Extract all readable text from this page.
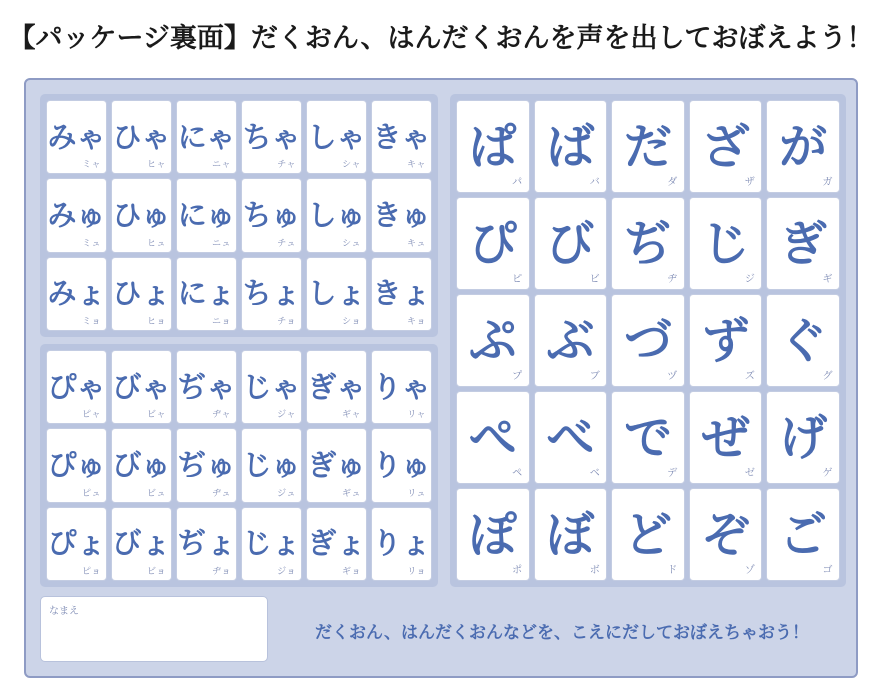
【パッケージ裏面】だくおん、はんだくおんを声を出しておぼえよう！
みゃ
ミャ
ひゃ
ヒャ
にゃ
ニャ
ちゃ
チャ
しゃ
シャ
きゃ
キャ
みゅ
ミュ
ひゅ
ヒュ
にゅ
ニュ
ちゅ
チュ
しゅ
シュ
きゅ
キュ
みょ
ミョ
ひょ
ヒョ
にょ
ニョ
ちょ
チョ
しょ
ショ
きょ
キョ
ぴゃ
ピャ
びゃ
ビャ
ぢゃ
ヂャ
じゃ
ジャ
ぎゃ
ギャ
りゃ
リャ
ぴゅ
ピュ
びゅ
ビュ
ぢゅ
ヂュ
じゅ
ジュ
ぎゅ
ギュ
りゅ
リュ
ぴょ
ピョ
びょ
ビョ
ぢょ
ヂョ
じょ
ジョ
ぎょ
ギョ
りょ
リョ
ぱ
パ
ば
バ
だ
ダ
ざ
ザ
が
ガ
ぴ
ピ
び
ビ
ぢ
ヂ
じ
ジ
ぎ
ギ
ぷ
プ
ぶ
ブ
づ
ヅ
ず
ズ
ぐ
グ
ぺ
ペ
べ
ベ
で
デ
ぜ
ゼ
げ
ゲ
ぽ
ポ
ぼ
ボ
ど
ド
ぞ
ゾ
ご
ゴ
なまえ
だくおん、はんだくおんなどを、こえにだしておぼえちゃおう！
